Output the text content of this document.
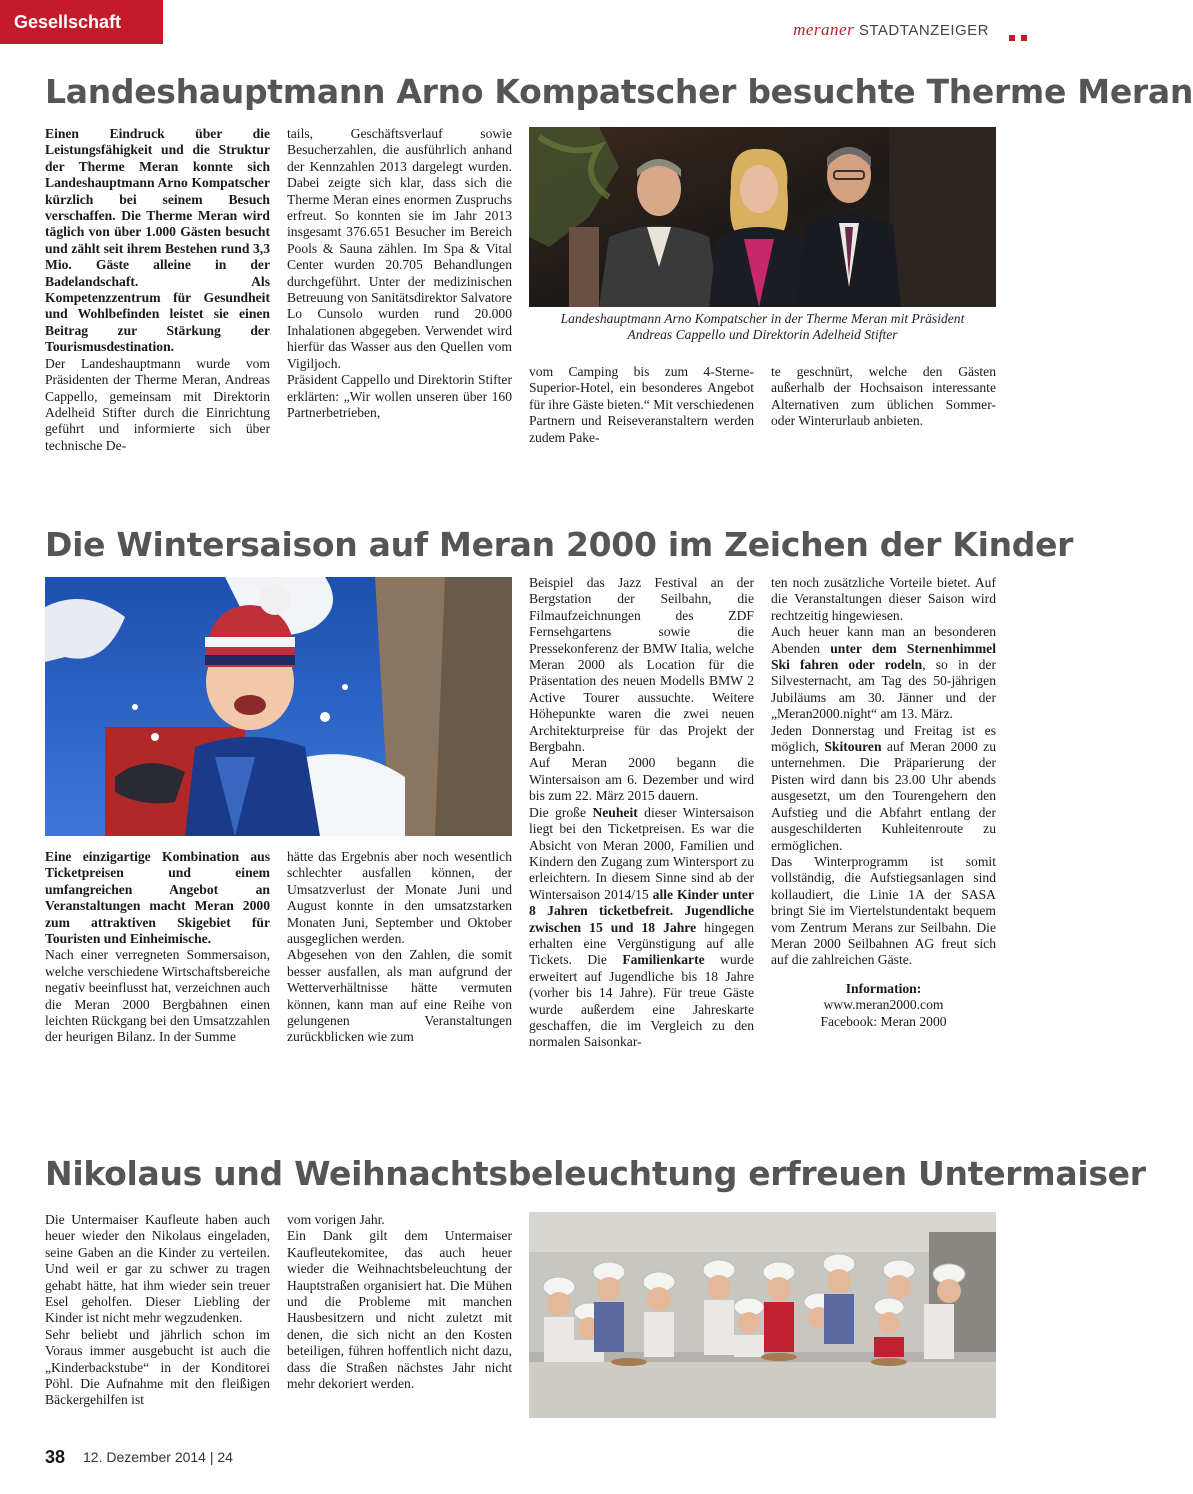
Gesellschaft	meraner STADTANZEIGER
Landeshauptmann Arno Kompatscher besuchte Therme Meran

Einen Eindruck über die Leistungsfähigkeit und die Struktur der Therme Meran konnte sich Landeshauptmann Arno Kompatscher kürzlich bei seinem Besuch verschaffen. Die Therme Meran wird täglich von über 1.000 Gästen besucht und zählt seit ihrem Bestehen rund 3,3 Mio. Gäste alleine in der Badelandschaft. Als Kompetenzzentrum für Gesundheit und Wohlbefinden leistet sie einen Beitrag zur Stärkung der Tourismusdestination.

Der Landeshauptmann wurde vom Präsidenten der Therme Meran, Andreas Cappello, gemeinsam mit Direktorin Adelheid Stifter durch die Einrichtung geführt und informierte sich über technische De-

tails, Geschäftsverlauf sowie Besucherzahlen, die ausführlich anhand der Kennzahlen 2013 dargelegt wurden. Dabei zeigte sich klar, dass sich die Therme Meran eines enormen Zuspruchs erfreut. So konnten sie im Jahr 2013 insgesamt 376.651 Besucher im Bereich Pools & Sauna zählen. Im Spa & Vital Center wurden 20.705 Behandlungen durchgeführt. Unter der medizinischen Betreuung von Sanitätsdirektor Salvatore Lo Cunsolo wurden rund 20.000 Inhalationen abgegeben. Verwendet wird hierfür das Wasser aus den Quellen vom Vigiljoch.

Präsident Cappello und Direktorin Stifter erklärten: „Wir wollen unseren über 160 Partnerbetrieben,

Landeshauptmann Arno Kompatscher in der Therme Meran mit Präsident
Andreas Cappello und Direktorin Adelheid Stifter

vom Camping bis zum 4-Sterne-Superior-Hotel, ein besonderes Angebot für ihre Gäste bieten.“ Mit verschiedenen Partnern und Reiseveranstaltern werden zudem Pake-

te geschnürt, welche den Gästen außerhalb der Hochsaison interessante Alternativen zum üblichen Sommer- oder Winterurlaub anbieten.

Die Wintersaison auf Meran 2000 im Zeichen der Kinder

Eine einzigartige Kombination aus Ticketpreisen und einem umfangreichen Angebot an Veranstaltungen macht Meran 2000 zum attraktiven Skigebiet für Touristen und Einheimische.

Nach einer verregneten Sommersaison, welche verschiedene Wirtschaftsbereiche negativ beeinflusst hat, verzeichnen auch die Meran 2000 Bergbahnen einen leichten Rückgang bei den Umsatzzahlen der heurigen Bilanz. In der Summe

hätte das Ergebnis aber noch wesentlich schlechter ausfallen können, der Umsatzverlust der Monate Juni und August konnte in den umsatzstarken Monaten Juni, September und Oktober ausgeglichen werden.

Abgesehen von den Zahlen, die somit besser ausfallen, als man aufgrund der Wetterverhältnisse hätte vermuten können, kann man auf eine Reihe von gelungenen Veranstaltungen zurückblicken wie zum

Beispiel das Jazz Festival an der Bergstation der Seilbahn, die Filmaufzeichnungen des ZDF Fernsehgartens sowie die Pressekonferenz der BMW Italia, welche Meran 2000 als Location für die Präsentation des neuen Modells BMW 2 Active Tourer aussuchte. Weitere Höhepunkte waren die zwei neuen Architekturpreise für das Projekt der Bergbahn.

Auf Meran 2000 begann die Wintersaison am 6. Dezember und wird bis zum 22. März 2015 dauern.

Die große Neuheit dieser Wintersaison liegt bei den Ticketpreisen. Es war die Absicht von Meran 2000, Familien und Kindern den Zugang zum Wintersport zu erleichtern. In diesem Sinne sind ab der Wintersaison 2014/15 alle Kinder unter 8 Jahren ticketbefreit. Jugendliche zwischen 15 und 18 Jahre hingegen erhalten eine Vergünstigung auf alle Tickets. Die Familienkarte wurde erweitert auf Jugendliche bis 18 Jahre (vorher bis 14 Jahre). Für treue Gäste wurde außerdem eine Jahreskarte geschaffen, die im Vergleich zu den normalen Saisonkar-

ten noch zusätzliche Vorteile bietet. Auf die Veranstaltungen dieser Saison wird rechtzeitig hingewiesen.

Auch heuer kann man an besonderen Abenden unter dem Sternenhimmel Ski fahren oder rodeln, so in der Silvesternacht, am Tag des 50-jährigen Jubiläums am 30. Jänner und der „Meran2000.night“ am 13. März.

Jeden Donnerstag und Freitag ist es möglich, Skitouren auf Meran 2000 zu unternehmen. Die Präparierung der Pisten wird dann bis 23.00 Uhr abends ausgesetzt, um den Tourengehern den Aufstieg und die Abfahrt entlang der ausgeschilderten Kuhleitenroute zu ermöglichen.

Das Winterprogramm ist somit vollständig, die Aufstiegsanlagen sind kollaudiert, die Linie 1A der SASA bringt Sie im Viertelstundentakt bequem vom Zentrum Merans zur Seilbahn. Die Meran 2000 Seilbahnen AG freut sich auf die zahlreichen Gäste.

Information:
www.meran2000.com
Facebook: Meran 2000

Nikolaus und Weihnachtsbeleuchtung erfreuen Untermaiser

Die Untermaiser Kaufleute haben auch heuer wieder den Nikolaus eingeladen, seine Gaben an die Kinder zu verteilen. Und weil er gar zu schwer zu tragen gehabt hätte, hat ihm wieder sein treuer Esel geholfen. Dieser Liebling der Kinder ist nicht mehr wegzudenken.

Sehr beliebt und jährlich schon im Voraus immer ausgebucht ist auch die „Kinderbackstube“ in der Konditorei Pöhl. Die Aufnahme mit den fleißigen Bäckergehilfen ist

vom vorigen Jahr.

Ein Dank gilt dem Untermaiser Kaufleutekomitee, das auch heuer wieder die Weihnachtsbeleuchtung der Hauptstraßen organisiert hat. Die Mühen und die Probleme mit manchen Hausbesitzern und nicht zuletzt mit denen, die sich nicht an den Kosten beteiligen, führen hoffentlich nicht dazu, dass die Straßen nächstes Jahr nicht mehr dekoriert werden.

38 12. Dezember 2014 | 24
